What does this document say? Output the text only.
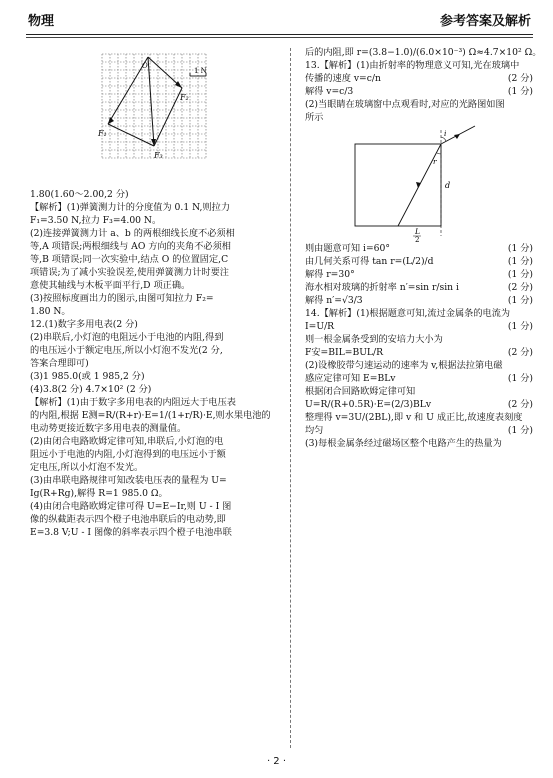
物理	参考答案及解析
F₁
F₂
F₃
O
1 N
1.80(1.60～2.00,2 分)
【解析】(1)弹簧测力计的分度值为 0.1 N,则拉力
F₁=3.50 N,拉力 F₃=4.00 N。
(2)连接弹簧测力计 a、b 的两根细线长度不必须相
等,A 项错误;两根细线与 AO 方向的夹角不必须相
等,B 项错误;同一次实验中,结点 O 的位置固定,C
项错误;为了减小实验误差,使用弹簧测力计时要注
意使其轴线与木板平面平行,D 项正确。
(3)按照标度画出力的图示,由图可知拉力 F₂=
1.80 N。
12.(1)数字多用电表(2 分)
(2)串联后,小灯泡的电阻远小于电池的内阻,得到
的电压远小于额定电压,所以小灯泡不发光(2 分,
答案合理即可)
(3)1 985.0(或 1 985,2 分)
(4)3.8(2 分) 4.7×10² (2 分)
【解析】(1)由于数字多用电表的内阻远大于电压表
的内阻,根据 E测=R/(R+r)·E=1/(1+r/R)·E,则水果电池的
电动势更接近数字多用电表的测量值。
(2)由闭合电路欧姆定律可知,串联后,小灯泡的电
阻远小于电池的内阻,小灯泡得到的电压远小于额
定电压,所以小灯泡不发光。
(3)由串联电路规律可知改装电压表的量程为 U=
Ig(R+Rg),解得 R=1 985.0 Ω。
(4)由闭合电路欧姆定律可得 U=E−Ir,则 U - I 图
像的纵截距表示四个橙子电池串联后的电动势,即
E=3.8 V;U - I 图像的斜率表示四个橙子电池串联
后的内阻,即 r=(3.8−1.0)/(6.0×10⁻³) Ω≈4.7×10² Ω。
13.【解析】(1)由折射率的物理意义可知,光在玻璃中
传播的速度 v=c/n	(2 分)
解得 v=c/3	(1 分)
(2)当眼睛在玻璃窗中点观看时,对应的光路图如图
所示
i
r
d
L
2
则由题意可知 i=60°	(1 分)
由几何关系可得 tan r=(L/2)/d	(1 分)
解得 r=30°	(1 分)
海水相对玻璃的折射率 n′=sin r/sin i	(2 分)
解得 n′=√3/3	(1 分)
14.【解析】(1)根据题意可知,流过金属条的电流为
I=U/R	(1 分)
则一根金属条受到的安培力大小为
F安=BIL=BUL/R	(2 分)
(2)设橡胶带匀速运动的速率为 v,根据法拉第电磁
感应定律可知 E=BLv	(1 分)
根据闭合回路欧姆定律可知
U=R/(R+0.5R)·E=(2/3)BLv	(2 分)
整理得 v=3U/(2BL),即 v 和 U 成正比,故速度表刻度
均匀	(1 分)
(3)每根金属条经过磁场区整个电路产生的热量为
· 2 ·
